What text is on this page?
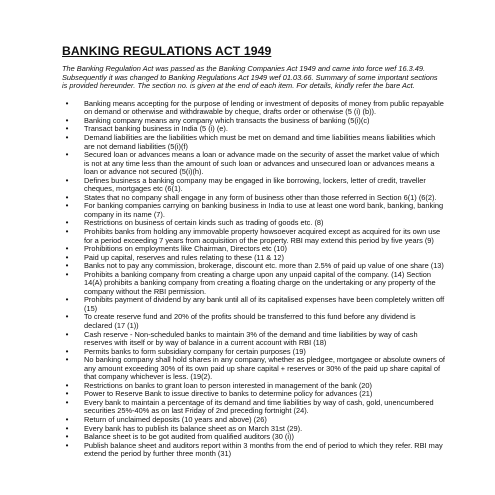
BANKING REGULATIONS ACT 1949

The Banking Regulation Act was passed as the Banking Companies Act 1949 and came into force wef 16.3.49. Subsequently it was changed to Banking Regulations Act 1949 wef 01.03.66. Summary of some important sections is provided hereunder. The section no. is given at the end of each item. For details, kindly refer the bare Act.

•	Banking means accepting for the purpose of lending or investment of deposits of money from public repayable on demand or otherwise and withdrawable by cheque, drafts order or otherwise (5 (i) (b)).
•	Banking company means any company which transacts the business of banking (5(i)(c)
•	Transact banking business in India (5 (i) (e).
•	Demand liabilities are the liabilities which must be met on demand and time liabilities means liabilities which are not demand liabilities (5(i)(f)
•	Secured loan or advances means a loan or advance made on the security of asset the market value of which is not at any time less than the amount of such loan or advances and unsecured loan or advances means a loan or advance not secured (5(i)(h).
•	Defines business a banking company may be engaged in like borrowing, lockers, letter of credit, traveller cheques, mortgages etc (6(1).
•	States that no company shall engage in any form of business other than those referred in Section 6(1) (6(2).
•	For banking companies carrying on banking business in India to use at least one word bank, banking, banking company in its name (7).
•	Restrictions on business of certain kinds such as trading of goods etc. (8)
•	Prohibits banks from holding any immovable property howsoever acquired except as acquired for its own use for a period exceeding 7 years from acquisition of the property. RBI may extend this period by five years (9)
•	Prohibitions on employments like Chairman, Directors etc (10)
•	Paid up capital, reserves and rules relating to these (11 & 12)
•	Banks not to pay any commission, brokerage, discount etc. more than 2.5% of paid up value of one share (13)
•	Prohibits a banking company from creating a charge upon any unpaid capital of the company. (14) Section 14(A) prohibits a banking company from creating a floating charge on the undertaking or any property of the company without the RBI permission.
•	Prohibits payment of dividend by any bank until all of its capitalised expenses have been completely written off (15)
•	To create reserve fund and 20% of the profits should be transferred to this fund before any dividend is declared (17 (1))
•	Cash reserve - Non-scheduled banks to maintain 3% of the demand and time liabilities by way of cash reserves with itself or by way of balance in a current account with RBI (18)
•	Permits banks to form subsidiary company for certain purposes (19)
•	No banking company shall hold shares in any company, whether as pledgee, mortgagee or absolute owners of any amount exceeding 30% of its own paid up share capital + reserves or 30% of the paid up share capital of that company whichever is less. (19(2).
•	Restrictions on banks to grant loan to person interested in management of the bank (20)
•	Power to Reserve Bank to issue directive to banks to determine policy for advances (21)
•	Every bank to maintain a percentage of its demand and time liabilities by way of cash, gold, unencumbered securities 25%-40% as on last Friday of 2nd preceding fortnight (24).
•	Return of unclaimed deposits (10 years and above) (26)
•	Every bank has to publish its balance sheet as on March 31st (29).
•	Balance sheet is to be got audited from qualified auditors (30 (i))
•	Publish balance sheet and auditors report within 3 months from the end of period to which they refer. RBI may extend the period by further three month (31)
